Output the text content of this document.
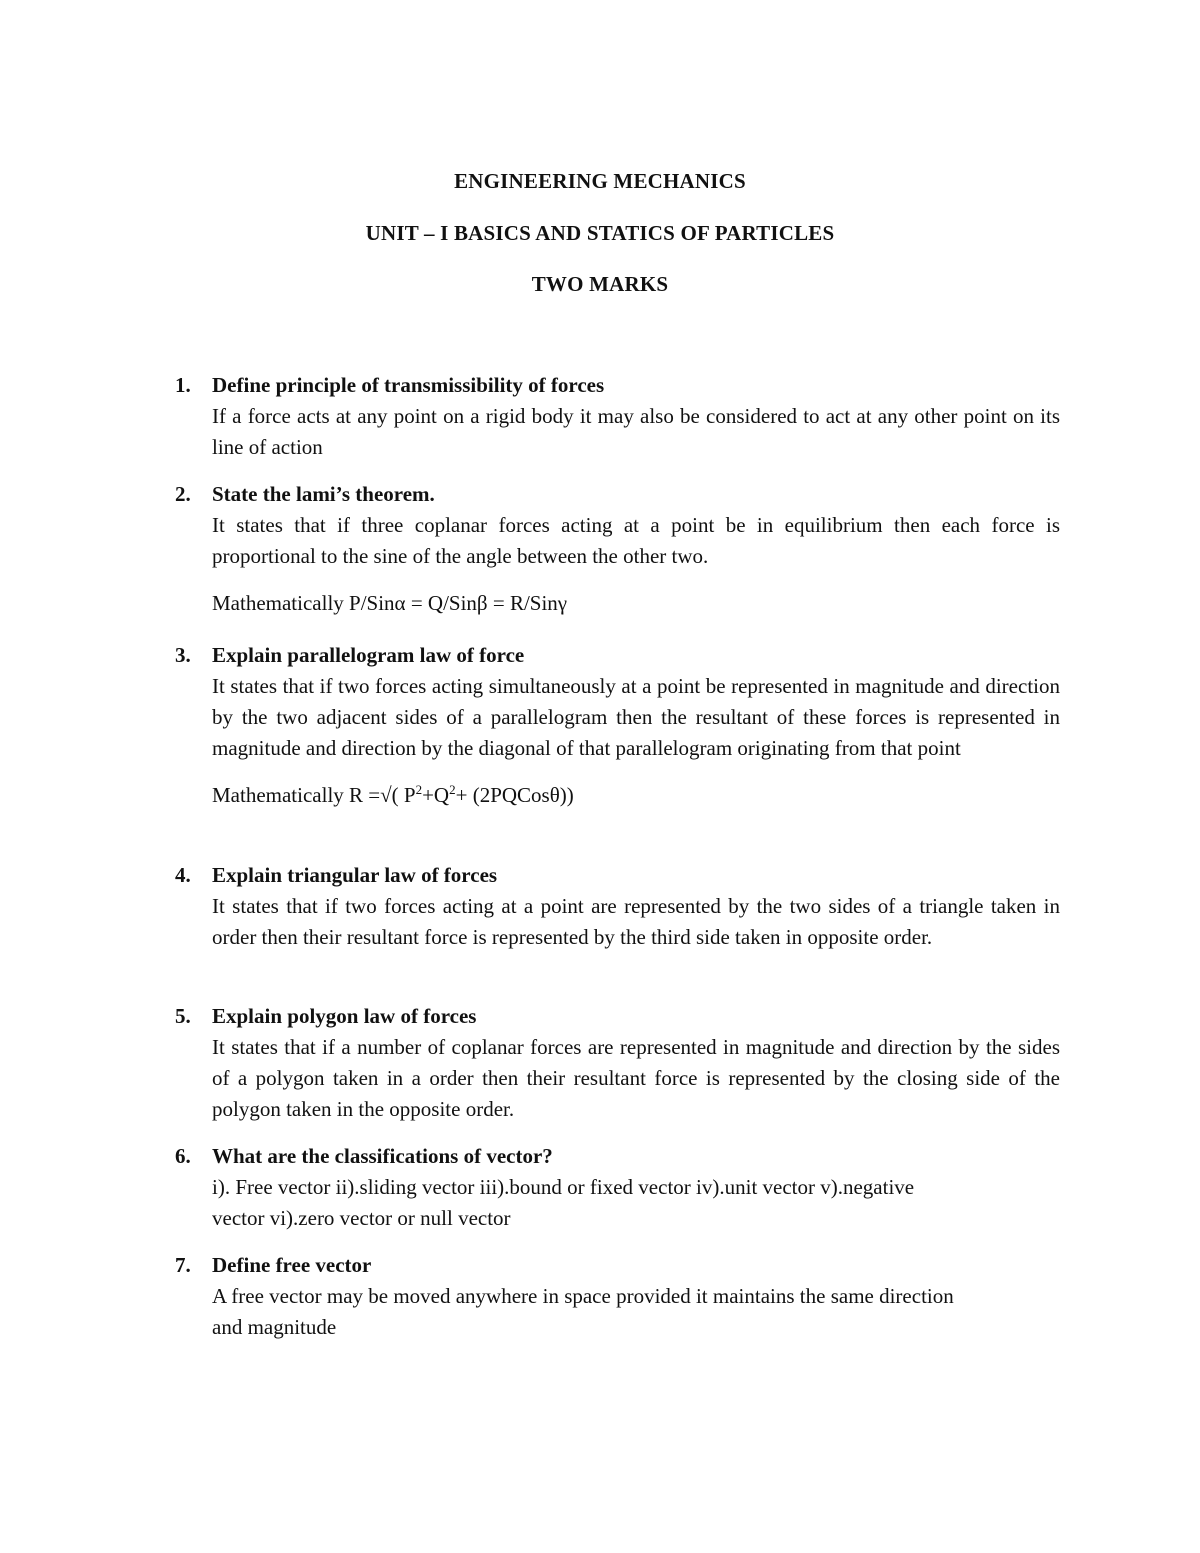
ENGINEERING MECHANICS
UNIT – I BASICS AND STATICS OF PARTICLES
TWO MARKS
1. Define principle of transmissibility of forces
If a force acts at any point on a rigid body it may also be considered to act at any other point on its line of action
2. State the lami’s theorem.
It states that if three coplanar forces acting at a point be in equilibrium then each force is proportional to the sine of the angle between the other two.
Mathematically P/Sinα = Q/Sinβ = R/Sinγ
3. Explain parallelogram law of force
It states that if two forces acting simultaneously at a point be represented in magnitude and direction by the two adjacent sides of a parallelogram then the resultant of these forces is represented in magnitude and direction by the diagonal of that parallelogram originating from that point
Mathematically R =√( $P^2+Q^2+$ (2PQCosθ))
4. Explain triangular law of forces
It states that if two forces acting at a point are represented by the two sides of a triangle taken in order then their resultant force is represented by the third side taken in opposite order.
5. Explain polygon law of forces
It states that if a number of coplanar forces are represented in magnitude and direction by the sides of a polygon taken in a order then their resultant force is represented by the closing side of the polygon taken in the opposite order.
6. What are the classifications of vector?
i). Free vector ii).sliding vector iii).bound or fixed vector iv).unit vector v).negative
vector vi).zero vector or null vector
7. Define free vector
A free vector may be moved anywhere in space provided it maintains the same direction
and magnitude
